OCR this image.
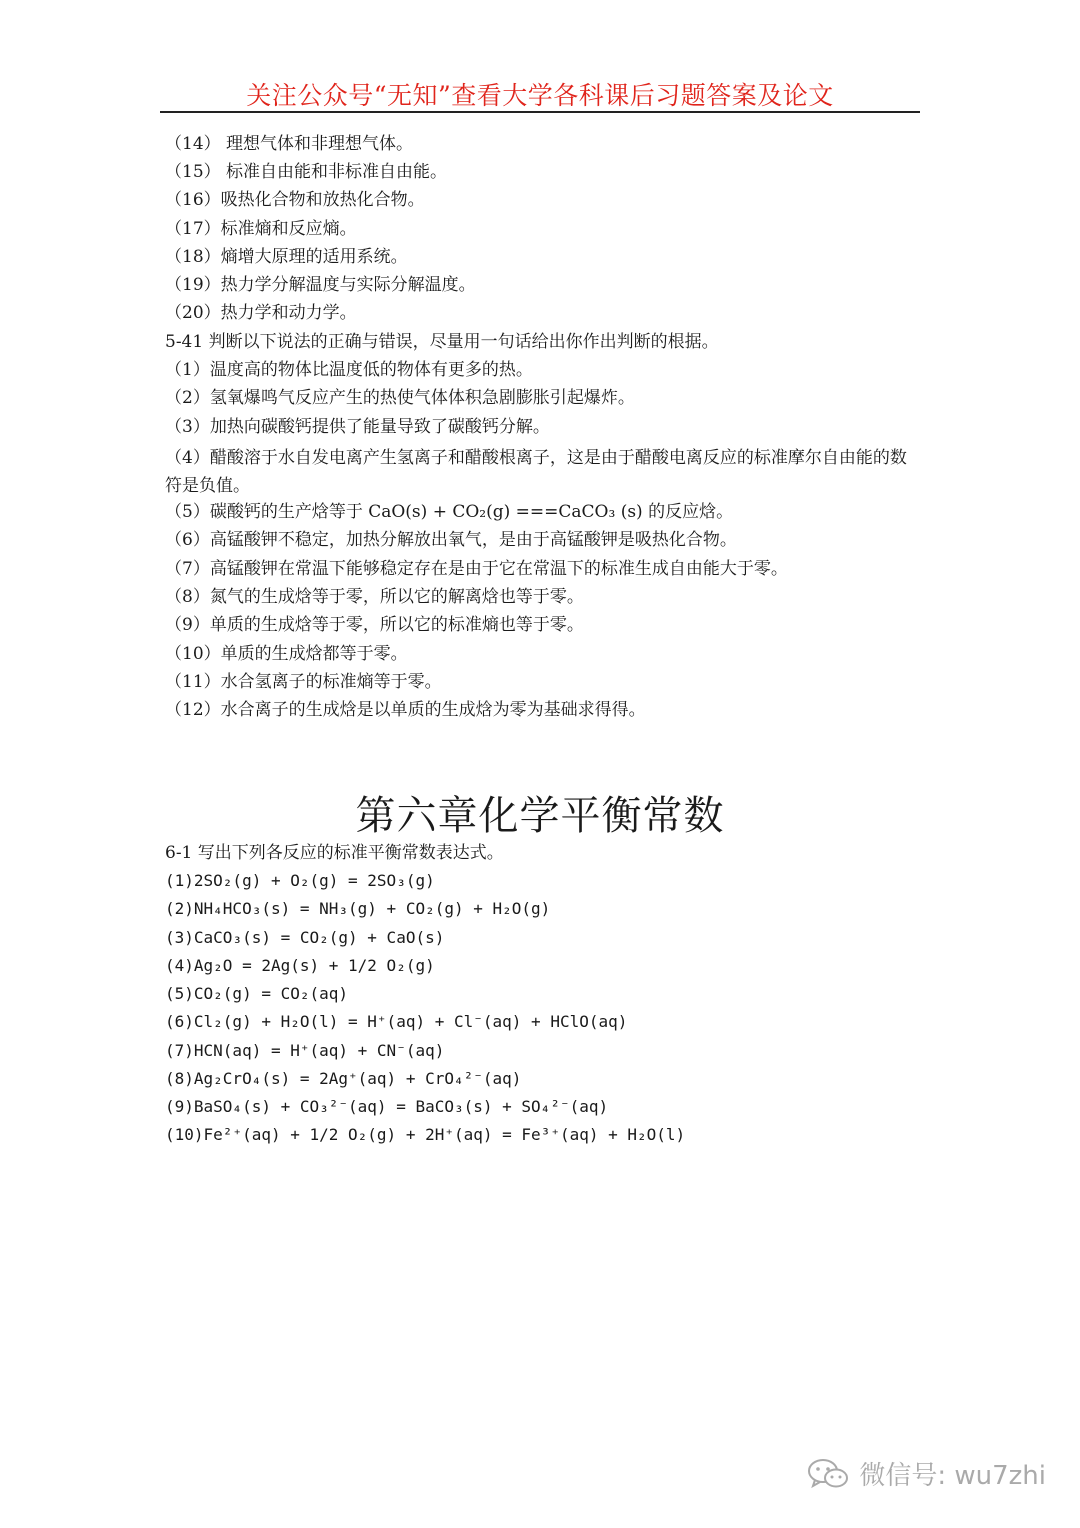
关注公众号“无知”查看大学各科课后习题答案及论文
（14） 理想气体和非理想气体。
（15） 标准自由能和非标准自由能。
（16）吸热化合物和放热化合物。
（17）标准熵和反应熵。
（18）熵增大原理的适用系统。
（19）热力学分解温度与实际分解温度。
（20）热力学和动力学。
5-41 判断以下说法的正确与错误，尽量用一句话给出你作出判断的根据。
（1）温度高的物体比温度低的物体有更多的热。
（2）氢氧爆鸣气反应产生的热使气体体积急剧膨胀引起爆炸。
（3）加热向碳酸钙提供了能量导致了碳酸钙分解。
（4）醋酸溶于水自发电离产生氢离子和醋酸根离子，这是由于醋酸电离反应的标准摩尔自由能的数符是负值。
（5）碳酸钙的生产焓等于 CaO(s) + CO₂(g) ===CaCO₃ (s) 的反应焓。
（6）高锰酸钾不稳定，加热分解放出氧气，是由于高锰酸钾是吸热化合物。
（7）高锰酸钾在常温下能够稳定存在是由于它在常温下的标准生成自由能大于零。
（8）氮气的生成焓等于零，所以它的解离焓也等于零。
（9）单质的生成焓等于零，所以它的标准熵也等于零。
（10）单质的生成焓都等于零。
（11）水合氢离子的标准熵等于零。
（12）水合离子的生成焓是以单质的生成焓为零为基础求得得。
第六章化学平衡常数
6-1 写出下列各反应的标准平衡常数表达式。
(1)2SO₂(g) + O₂(g) = 2SO₃(g)
(2)NH₄HCO₃(s) = NH₃(g) + CO₂(g) + H₂O(g)
(3)CaCO₃(s) = CO₂(g) + CaO(s)
(4)Ag₂O = 2Ag(s) + 1/2 O₂(g)
(5)CO₂(g) = CO₂(aq)
(6)Cl₂(g) + H₂O(l) = H⁺(aq) + Cl⁻(aq) + HClO(aq)
(7)HCN(aq) = H⁺(aq) + CN⁻(aq)
(8)Ag₂CrO₄(s) = 2Ag⁺(aq) + CrO₄²⁻(aq)
(9)BaSO₄(s) + CO₃²⁻(aq) = BaCO₃(s) + SO₄²⁻(aq)
(10)Fe²⁺(aq) + 1/2 O₂(g) + 2H⁺(aq) = Fe³⁺(aq) + H₂O(l)
微信号: wu7zhi
